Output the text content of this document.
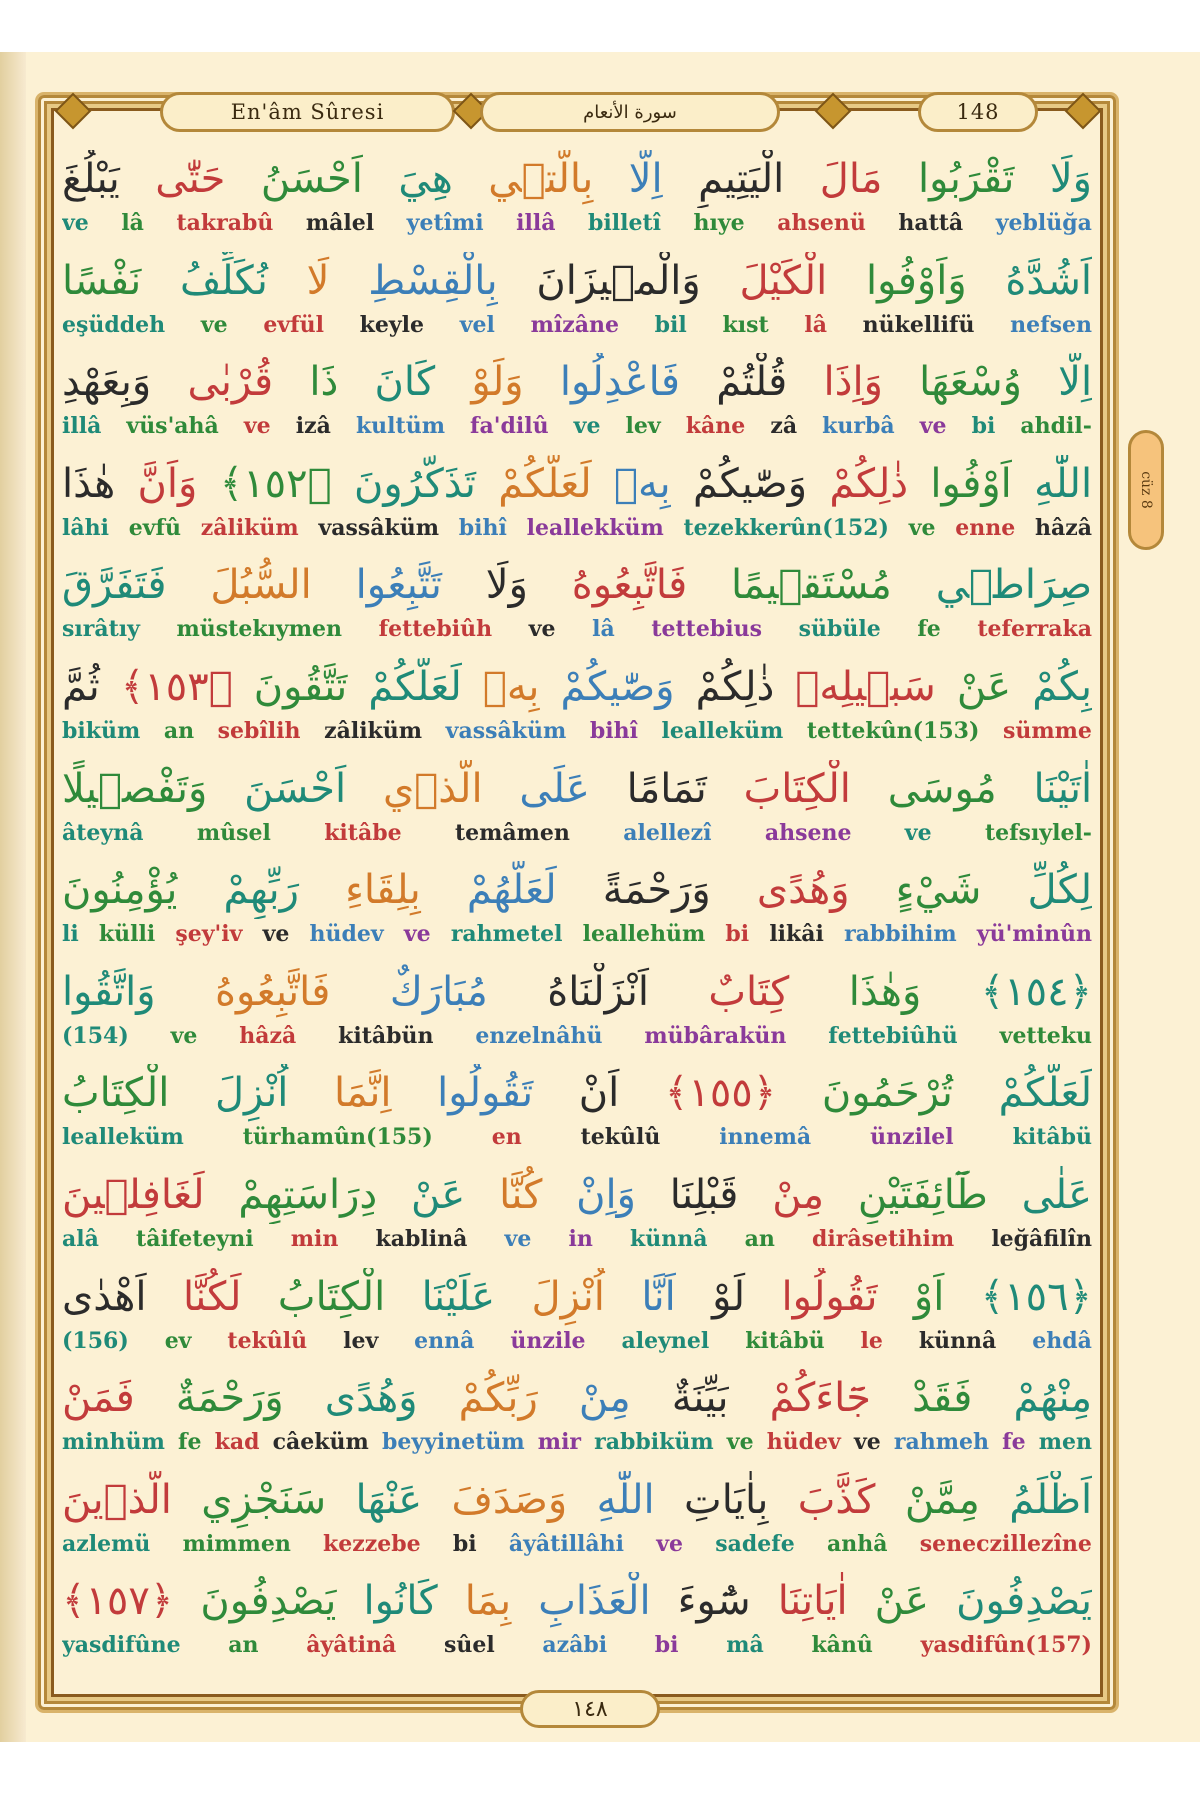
En'âm Sûresi	سورة الأنعام	148
cüz 8
وَلَا تَقْرَبُوا مَالَ الْيَتِيمِ اِلَّا بِالَّت۪ي هِيَ اَحْسَنُ حَتّٰى يَبْلُغَ
ve lâ takrabû mâlel yetîmi illâ billetî hıye ahsenü hattâ yeblüğa
اَشُدَّهُ وَاَوْفُوا الْكَيْلَ وَالْم۪يزَانَ بِالْقِسْطِ لَا نُكَلِّفُ نَفْسًا
eşüddeh ve evfül keyle vel mîzâne bil kıst lâ nükellifü nefsen
اِلَّا وُسْعَهَا وَاِذَا قُلْتُمْ فَاعْدِلُوا وَلَوْ كَانَ ذَا قُرْبٰى وَبِعَهْدِ
illâ vüs'ahâ ve izâ kultüm fa'dilû ve lev kâne zâ kurbâ ve bi ahdil-
اللّٰهِ اَوْفُوا ذٰلِكُمْ وَصّٰيكُمْ بِه۪ لَعَلَّكُمْ تَذَكَّرُونَ ﴿١٥٢﴾ وَاَنَّ هٰذَا
lâhi evfû zâliküm vassâküm bihî leallekküm tezekkerûn(152) ve enne hâzâ
صِرَاط۪ي مُسْتَق۪يمًا فَاتَّبِعُوهُ وَلَا تَتَّبِعُوا السُّبُلَ فَتَفَرَّقَ
sırâtıy müstekıymen fettebiûh ve lâ tettebius sübüle fe teferraka
بِكُمْ عَنْ سَب۪يلِه۪ ذٰلِكُمْ وَصّٰيكُمْ بِه۪ لَعَلَّكُمْ تَتَّقُونَ ﴿١٥٣﴾ ثُمَّ
biküm an sebîlih zâliküm vassâküm bihî lealleküm tettekûn(153) sümme
اٰتَيْنَا مُوسَى الْكِتَابَ تَمَامًا عَلَى الَّذ۪ي اَحْسَنَ وَتَفْص۪يلًا
âteynâ mûsel kitâbe temâmen alellezî ahsene ve tefsıylel-
لِكُلِّ شَيْءٍ وَهُدًى وَرَحْمَةً لَعَلَّهُمْ بِلِقَاءِ رَبِّهِمْ يُؤْمِنُونَ
li külli şey'iv ve hüdev ve rahmetel leallehüm bi likâi rabbihim yü'minûn
﴿١٥٤﴾ وَهٰذَا كِتَابٌ اَنْزَلْنَاهُ مُبَارَكٌ فَاتَّبِعُوهُ وَاتَّقُوا
(154) ve hâzâ kitâbün enzelnâhü mübârakün fettebiûhü vetteku
لَعَلَّكُمْ تُرْحَمُونَ ﴿١٥٥﴾ اَنْ تَقُولُوا اِنَّمَا اُنْزِلَ الْكِتَابُ
lealleküm	türhamûn(155)	en	tekûlû	innemâ	ünzilel	kitâbü
عَلٰى طَٓائِفَتَيْنِ مِنْ قَبْلِنَا وَاِنْ كُنَّا عَنْ دِرَاسَتِهِمْ لَغَافِل۪ينَ
alâ tâifeteyni min kablinâ ve in künnâ an dirâsetihim leğâfilîn
﴿١٥٦﴾ اَوْ تَقُولُوا لَوْ اَنَّا اُنْزِلَ عَلَيْنَا الْكِتَابُ لَكُنَّا اَهْدٰى
(156) ev tekûlû lev ennâ ünzile aleynel kitâbü le künnâ ehdâ
مِنْهُمْ فَقَدْ جَٓاءَكُمْ بَيِّنَةٌ مِنْ رَبِّكُمْ وَهُدًى وَرَحْمَةٌ فَمَنْ
minhüm fe kad câeküm beyyinetüm mir rabbiküm ve hüdev ve rahmeh fe men
اَظْلَمُ مِمَّنْ كَذَّبَ بِاٰيَاتِ اللّٰهِ وَصَدَفَ عَنْهَا سَنَجْزِي الَّذ۪ينَ
azlemü mimmen kezzebe bi âyâtillâhi ve sadefe anhâ seneczillezîne
يَصْدِفُونَ عَنْ اٰيَاتِنَا سُٓوءَ الْعَذَابِ بِمَا كَانُوا يَصْدِفُونَ ﴿١٥٧﴾
yasdifûne an âyâtinâ sûel azâbi bi mâ kânû yasdifûn(157)
١٤٨
